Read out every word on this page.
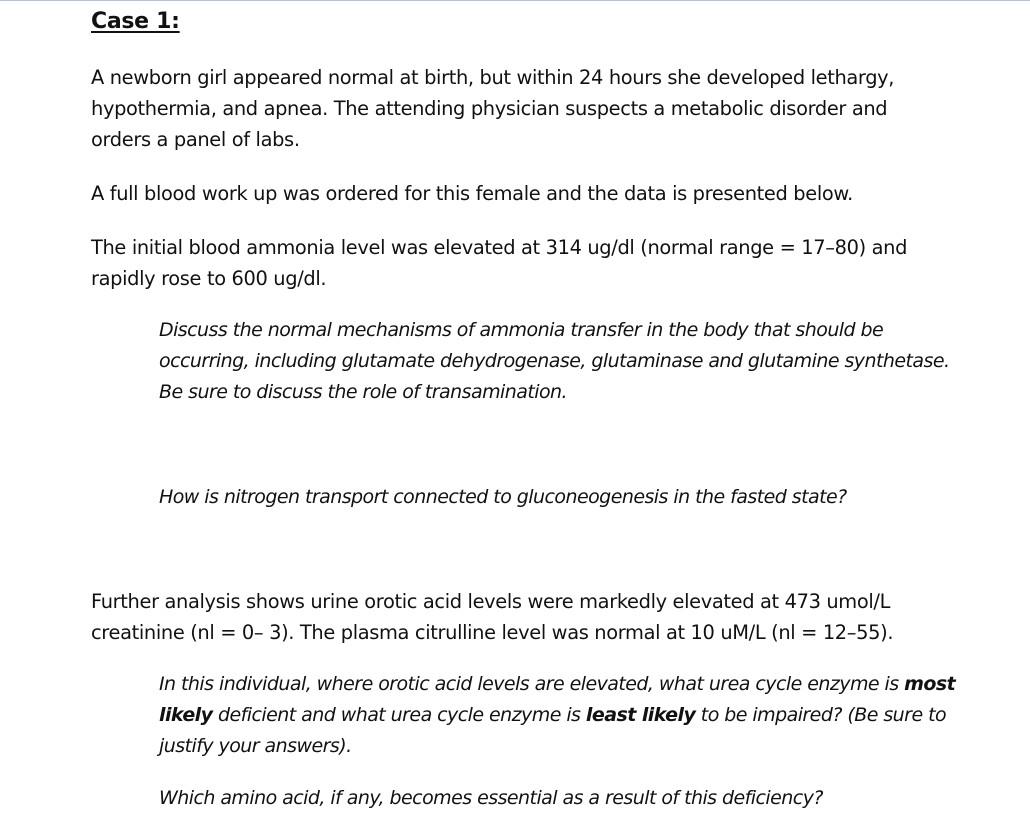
Case 1:

A newborn girl appeared normal at birth, but within 24 hours she developed lethargy,
hypothermia, and apnea. The attending physician suspects a metabolic disorder and
orders a panel of labs.

A full blood work up was ordered for this female and the data is presented below.

The initial blood ammonia level was elevated at 314 ug/dl (normal range = 17–80) and
rapidly rose to 600 ug/dl.

Discuss the normal mechanisms of ammonia transfer in the body that should be
occurring, including glutamate dehydrogenase, glutaminase and glutamine synthetase.
Be sure to discuss the role of transamination.

How is nitrogen transport connected to gluconeogenesis in the fasted state?

Further analysis shows urine orotic acid levels were markedly elevated at 473 umol/L
creatinine (nl = 0– 3). The plasma citrulline level was normal at 10 uM/L (nl = 12–55).

In this individual, where orotic acid levels are elevated, what urea cycle enzyme is most
likely deficient and what urea cycle enzyme is least likely to be impaired? (Be sure to
justify your answers).

Which amino acid, if any, becomes essential as a result of this deficiency?
